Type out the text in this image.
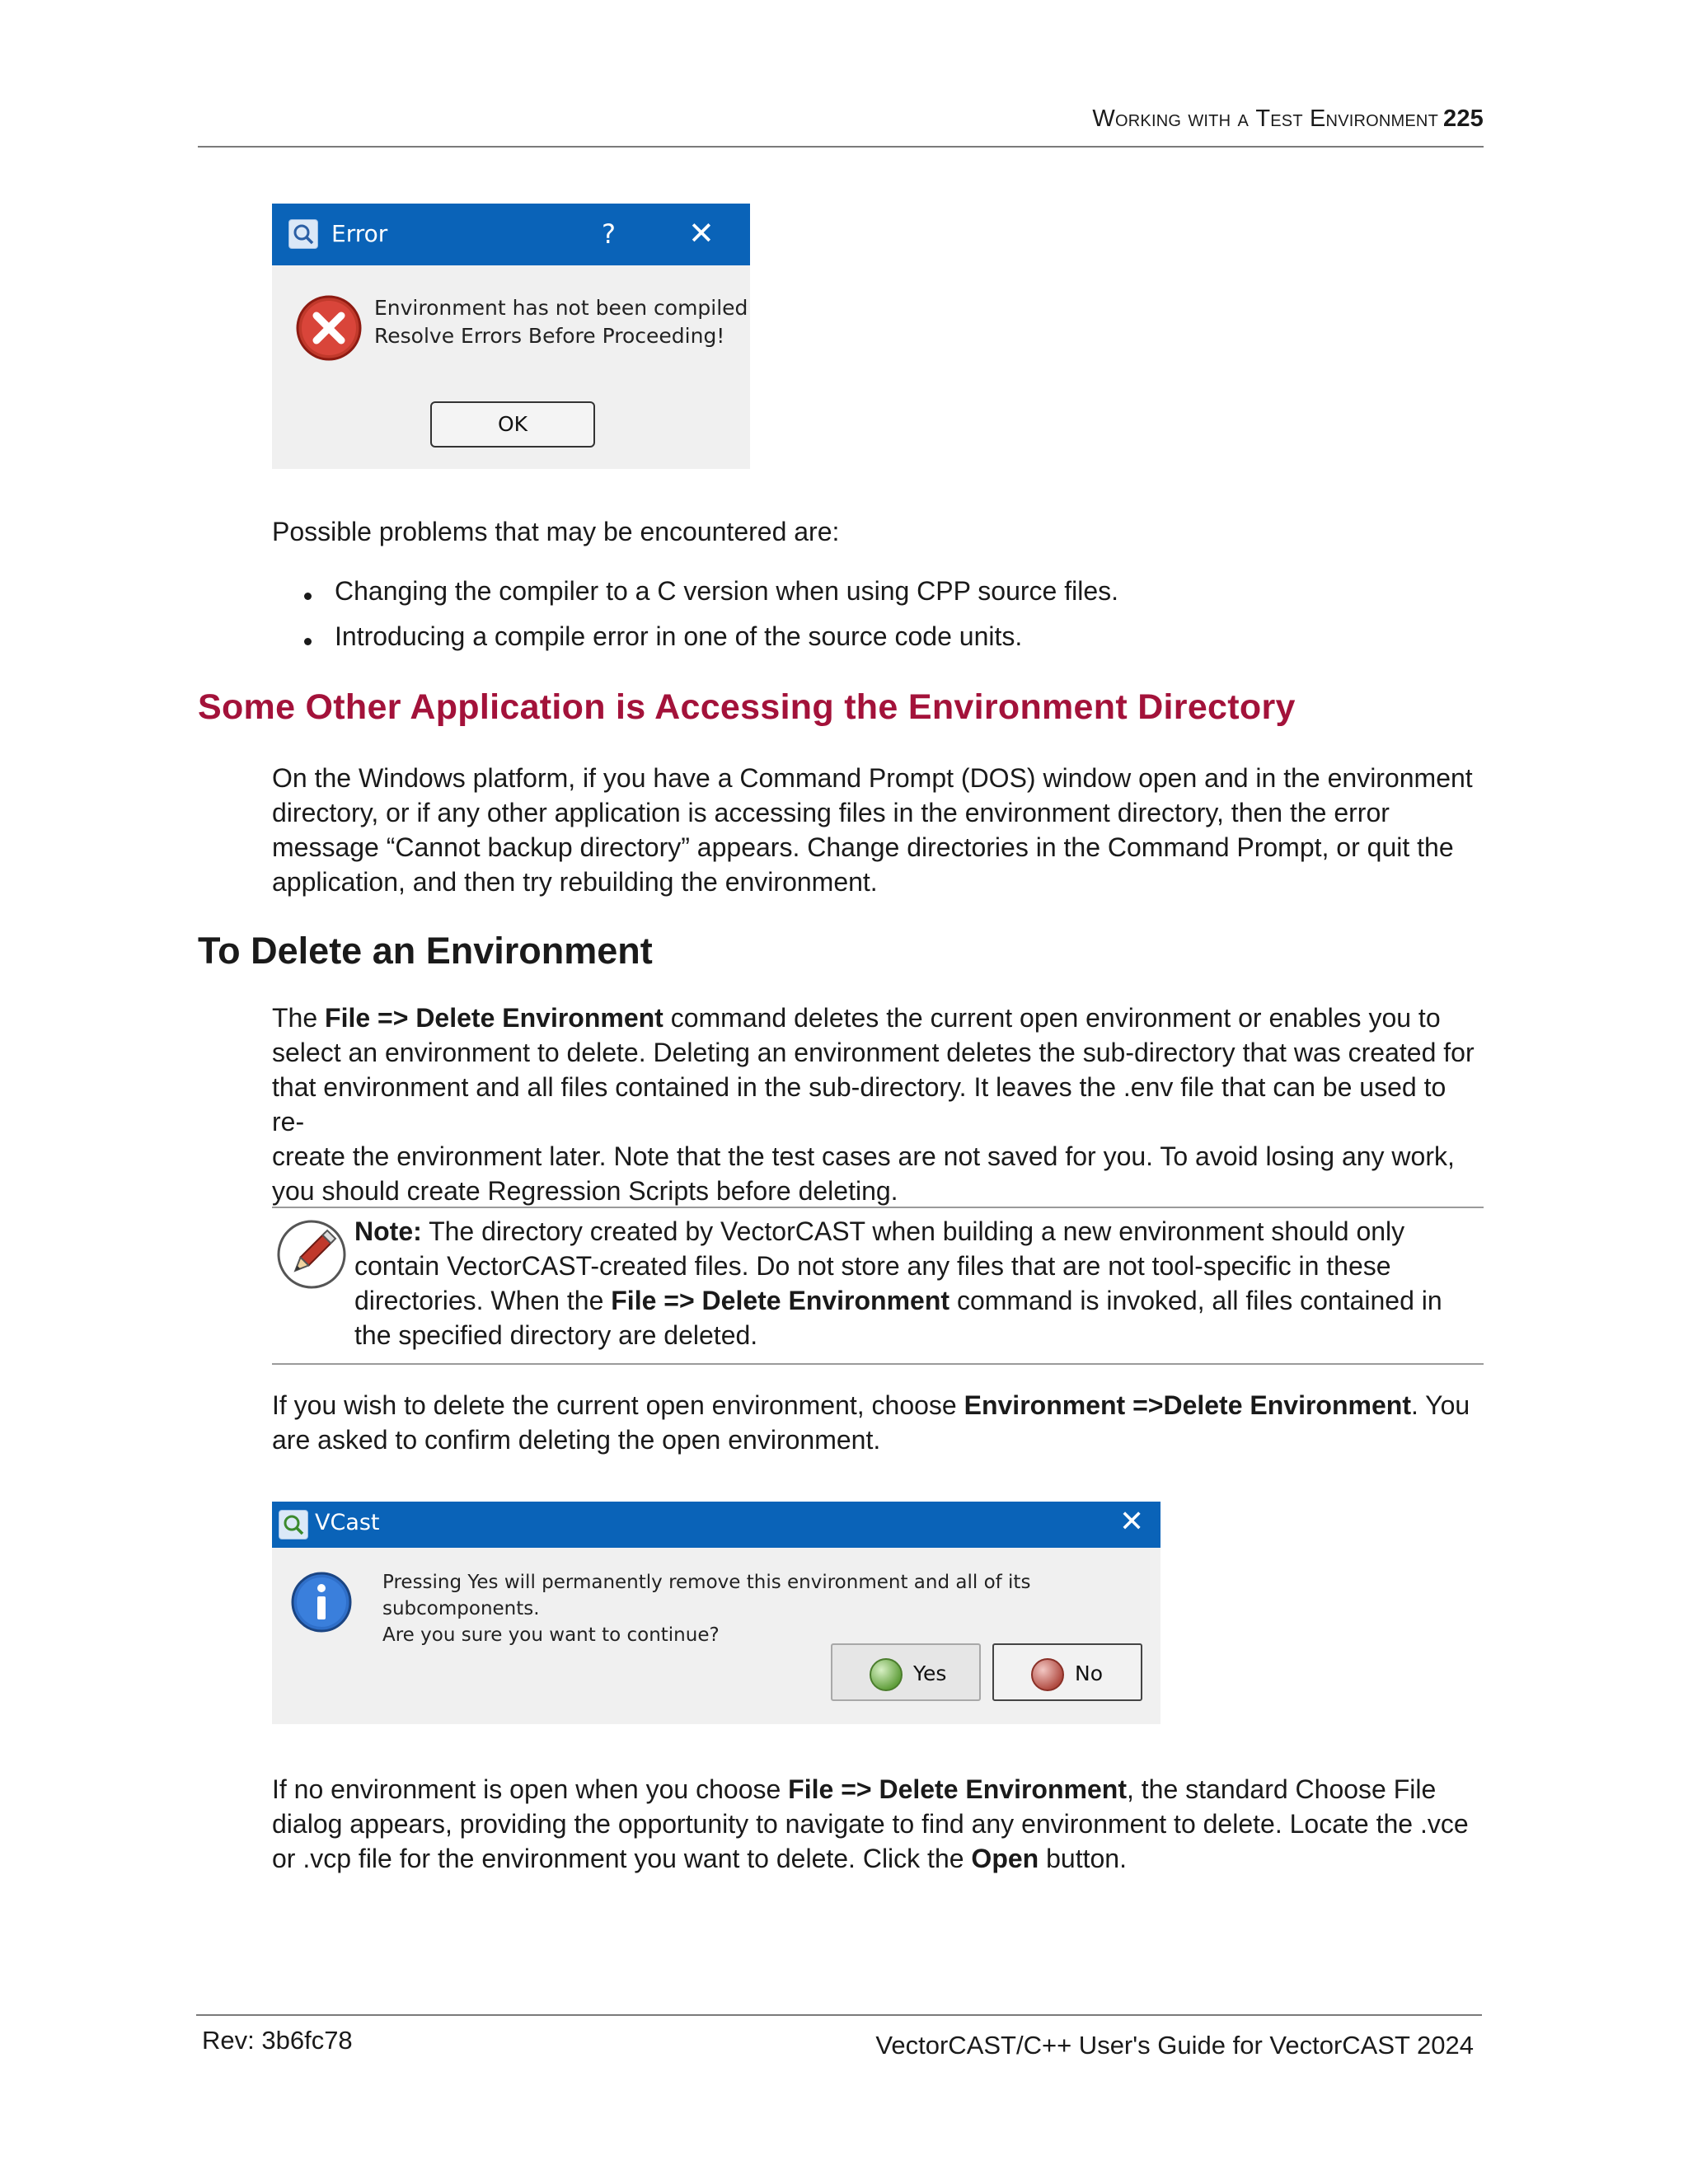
Working with a Test Environment 225
Error	? ✕
Environment has not been compiled
Resolve Errors Before Proceeding!
OK
Possible problems that may be encountered are:
Changing the compiler to a C version when using CPP source files.
Introducing a compile error in one of the source code units.
Some Other Application is Accessing the Environment Directory
On the Windows platform, if you have a Command Prompt (DOS) window open and in the environment
directory, or if any other application is accessing files in the environment directory, then the error
message “Cannot backup directory” appears. Change directories in the Command Prompt, or quit the
application, and then try rebuilding the environment.
To Delete an Environment
The File => Delete Environment command deletes the current open environment or enables you to
select an environment to delete. Deleting an environment deletes the sub-directory that was created for
that environment and all files contained in the sub-directory. It leaves the .env file that can be used to re-
create the environment later. Note that the test cases are not saved for you. To avoid losing any work,
you should create Regression Scripts before deleting.
Note: The directory created by VectorCAST when building a new environment should only
contain VectorCAST-created files. Do not store any files that are not tool-specific in these
directories. When the File => Delete Environment command is invoked, all files contained in
the specified directory are deleted.
If you wish to delete the current open environment, choose Environment =>Delete Environment. You
are asked to confirm deleting the open environment.
VCast	✕
Pressing Yes will permanently remove this environment and all of its subcomponents.
Are you sure you want to continue?
Yes	No
If no environment is open when you choose File => Delete Environment, the standard Choose File
dialog appears, providing the opportunity to navigate to find any environment to delete. Locate the .vce
or .vcp file for the environment you want to delete. Click the Open button.
Rev: 3b6fc78	VectorCAST/C++ User's Guide for VectorCAST 2024
